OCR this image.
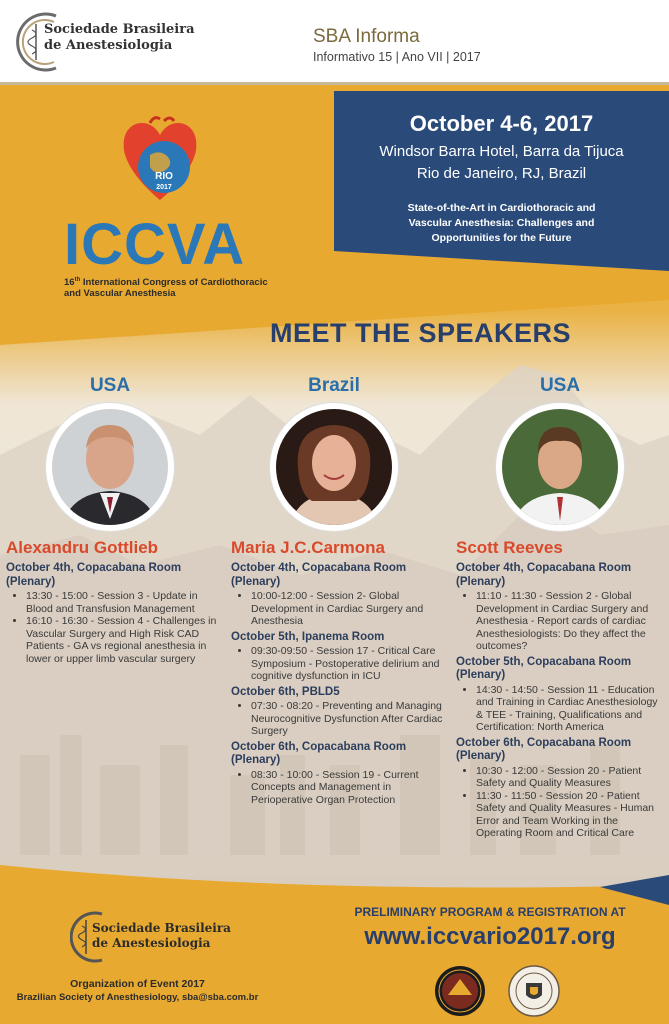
Sociedade Brasileira
de Anestesiologia	SBA Informa
Informativo 15 | Ano VII | 2017
RIO
2017
ICCVA
16th International Congress of Cardiothoracic
and Vascular Anesthesia
October 4-6, 2017
Windsor Barra Hotel, Barra da Tijuca
Rio de Janeiro, RJ, Brazil
State-of-the-Art in Cardiothoracic and
Vascular Anesthesia: Challenges and
Opportunities for the Future
MEET THE SPEAKERS
USA
Alexandru Gottlieb
October 4th, Copacabana Room (Plenary)
• 13:30 - 15:00 - Session 3 - Update in Blood and Transfusion Management
• 16:10 - 16:30 - Session 4 - Challenges in Vascular Surgery and High Risk CAD Patients - GA vs regional anesthesia in lower or upper limb vascular surgery
Brazil
Maria J.C.Carmona
October 4th, Copacabana Room (Plenary)
• 10:00-12:00 - Session 2- Global Development in Cardiac Surgery and Anesthesia
October 5th, Ipanema Room
• 09:30-09:50 - Session 17 - Critical Care Symposium - Postoperative delirium and cognitive dysfunction in ICU
October 6th, PBLD5
• 07:30 - 08:20 - Preventing and Managing Neurocognitive Dysfunction After Cardiac Surgery
October 6th, Copacabana Room (Plenary)
• 08:30 - 10:00 - Session 19 - Current Concepts and Management in Perioperative Organ Protection
USA
Scott Reeves
October 4th, Copacabana Room (Plenary)
• 11:10 - 11:30 - Session 2 - Global Development in Cardiac Surgery and Anesthesia - Report cards of cardiac Anesthesiologists: Do they affect the outcomes?
October 5th, Copacabana Room (Plenary)
• 14:30 - 14:50 - Session 11 - Education and Training in Cardiac Anesthesiology & TEE - Training, Qualifications and Certification: North America
October 6th, Copacabana Room (Plenary)
• 10:30 - 12:00 - Session 20 - Patient Safety and Quality Measures
• 11:30 - 11:50 - Session 20 - Patient Safety and Quality Measures - Human Error and Team Working in the Operating Room and Critical Care
Sociedade Brasileira
de Anestesiologia
Organization of Event 2017
Brazilian Society of Anesthesiology, sba@sba.com.br
PRELIMINARY PROGRAM & REGISTRATION AT
www.iccvario2017.org
